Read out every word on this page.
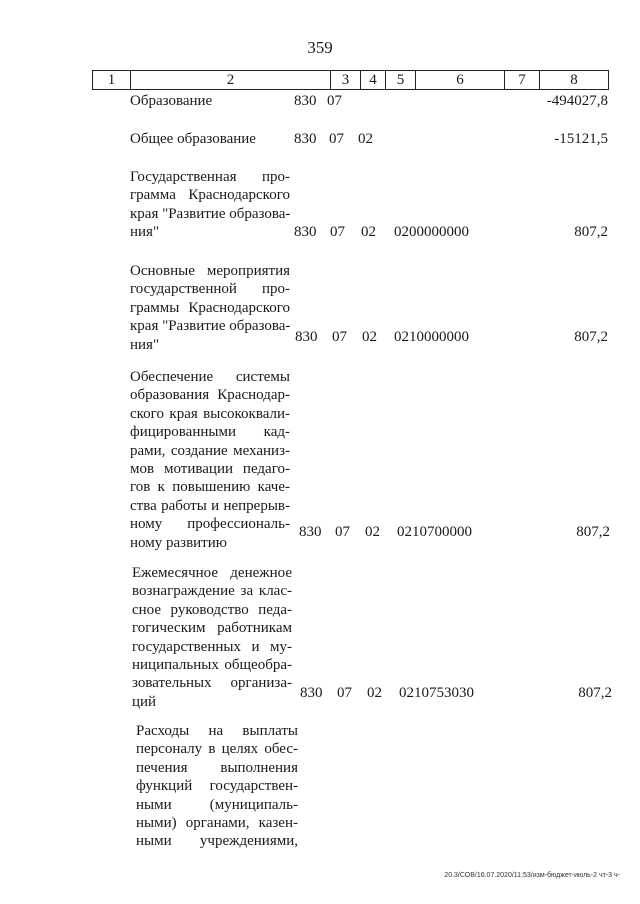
359
1	2	3	4	5	6	7	8
Образование	830 07	-494027,8
Общее образование	830 07 02	-15121,5
Государственная про-
грамма Краснодарского
края "Развитие образова-
ния"	830 07 02 0200000000	807,2
Основные мероприятия
государственной про-
граммы Краснодарского
края "Развитие образова-
ния"	830 07 02 0210000000	807,2
Обеспечение системы
образования Краснодар-
ского края высококвали-
фицированными кад-
рами, создание механиз-
мов мотивации педаго-
гов к повышению каче-
ства работы и непрерыв-
ному профессиональ-
ному развитию
830 07 02 0210700000	807,2
Ежемесячное денежное
вознаграждение за клас-
сное руководство педа-
гогическим работникам
государственных и му-
ниципальных общеобра-
зовательных организа-
ций
830 07 02 0210753030	807,2
Расходы на выплаты
персоналу в целях обес-
печения выполнения
функций государствен-
ными (муниципаль-
ными) органами, казен-
ными учреждениями,
20.3/СОВ/16.07.2020/11:53/изм-бюджет-июль-2 чт-3 ч-
